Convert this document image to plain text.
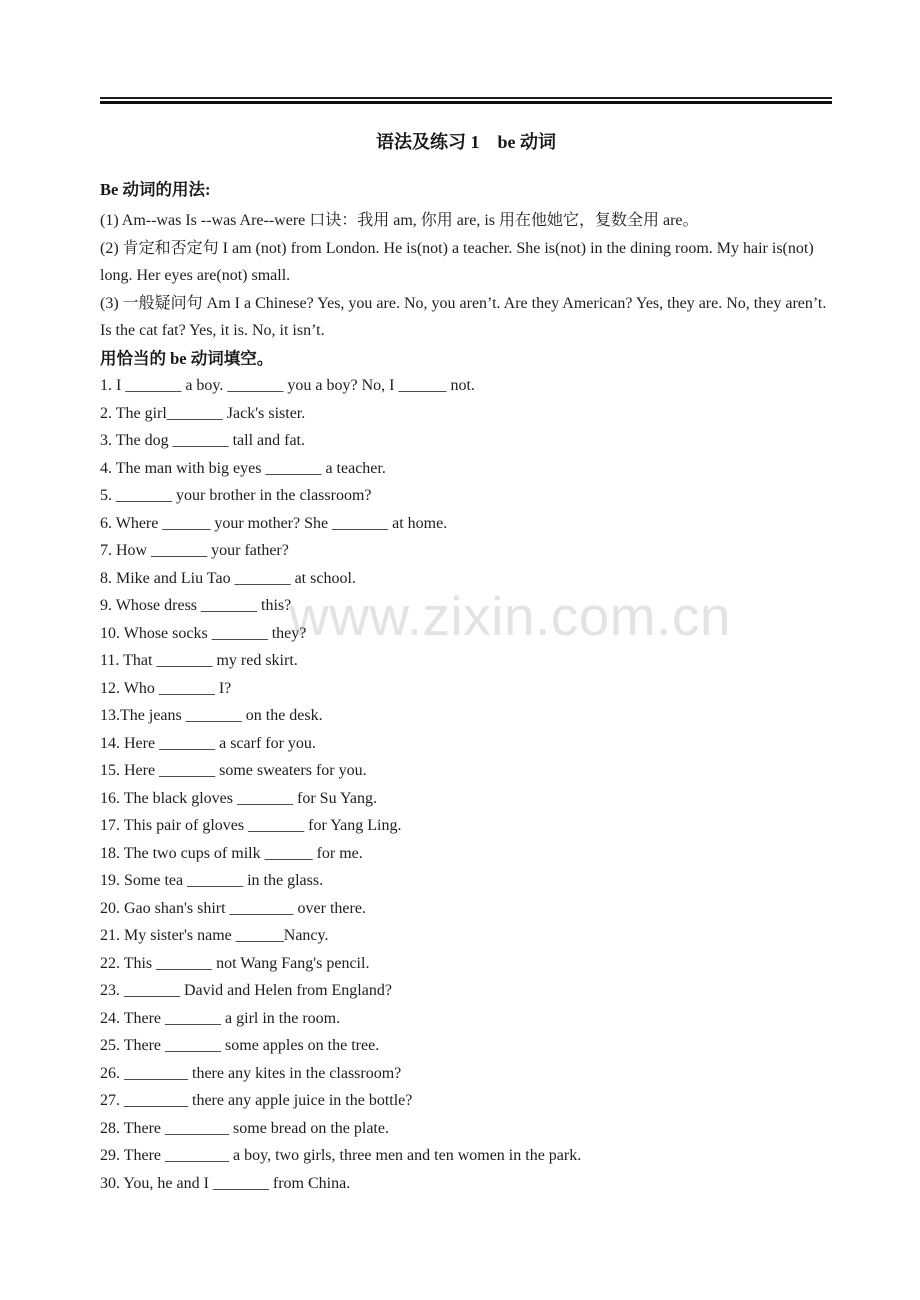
www.zixin.com.cn
语法及练习 1　be 动词
Be 动词的用法:

(1) Am--was Is --was Are--were 口诀：我用 am, 你用 are, is 用在他她它，复数全用 are。

(2) 肯定和否定句 I am (not) from London. He is(not) a teacher. She is(not) in the dining room. My hair is(not) long. Her eyes are(not) small.

(3) 一般疑问句 Am I a Chinese? Yes, you are. No, you aren’t. Are they American? Yes, they are. No, they aren’t. Is the cat fat? Yes, it is. No, it isn’t.

用恰当的 be 动词填空。
1. I _______ a boy. _______ you a boy? No, I ______ not.
2. The girl_______ Jack's sister.
3. The dog _______ tall and fat.
4. The man with big eyes _______ a teacher.
5. _______ your brother in the classroom?
6. Where ______ your mother? She _______ at home.
7. How _______ your father?
8. Mike and Liu Tao _______ at school.
9. Whose dress _______ this?
10. Whose socks _______ they?
11. That _______ my red skirt.
12. Who _______ I?
13.The jeans _______ on the desk.
14. Here _______ a scarf for you.
15. Here _______ some sweaters for you.
16. The black gloves _______ for Su Yang.
17. This pair of gloves _______ for Yang Ling.
18. The two cups of milk ______ for me.
19. Some tea _______ in the glass.
20. Gao shan's shirt ________ over there.
21. My sister's name ______Nancy.
22. This _______ not Wang Fang's pencil.
23. _______ David and Helen from England?
24. There _______ a girl in the room.
25. There _______ some apples on the tree.
26. ________ there any kites in the classroom?
27. ________ there any apple juice in the bottle?
28. There ________ some bread on the plate.
29. There ________ a boy, two girls, three men and ten women in the park.
30. You, he and I _______ from China.
